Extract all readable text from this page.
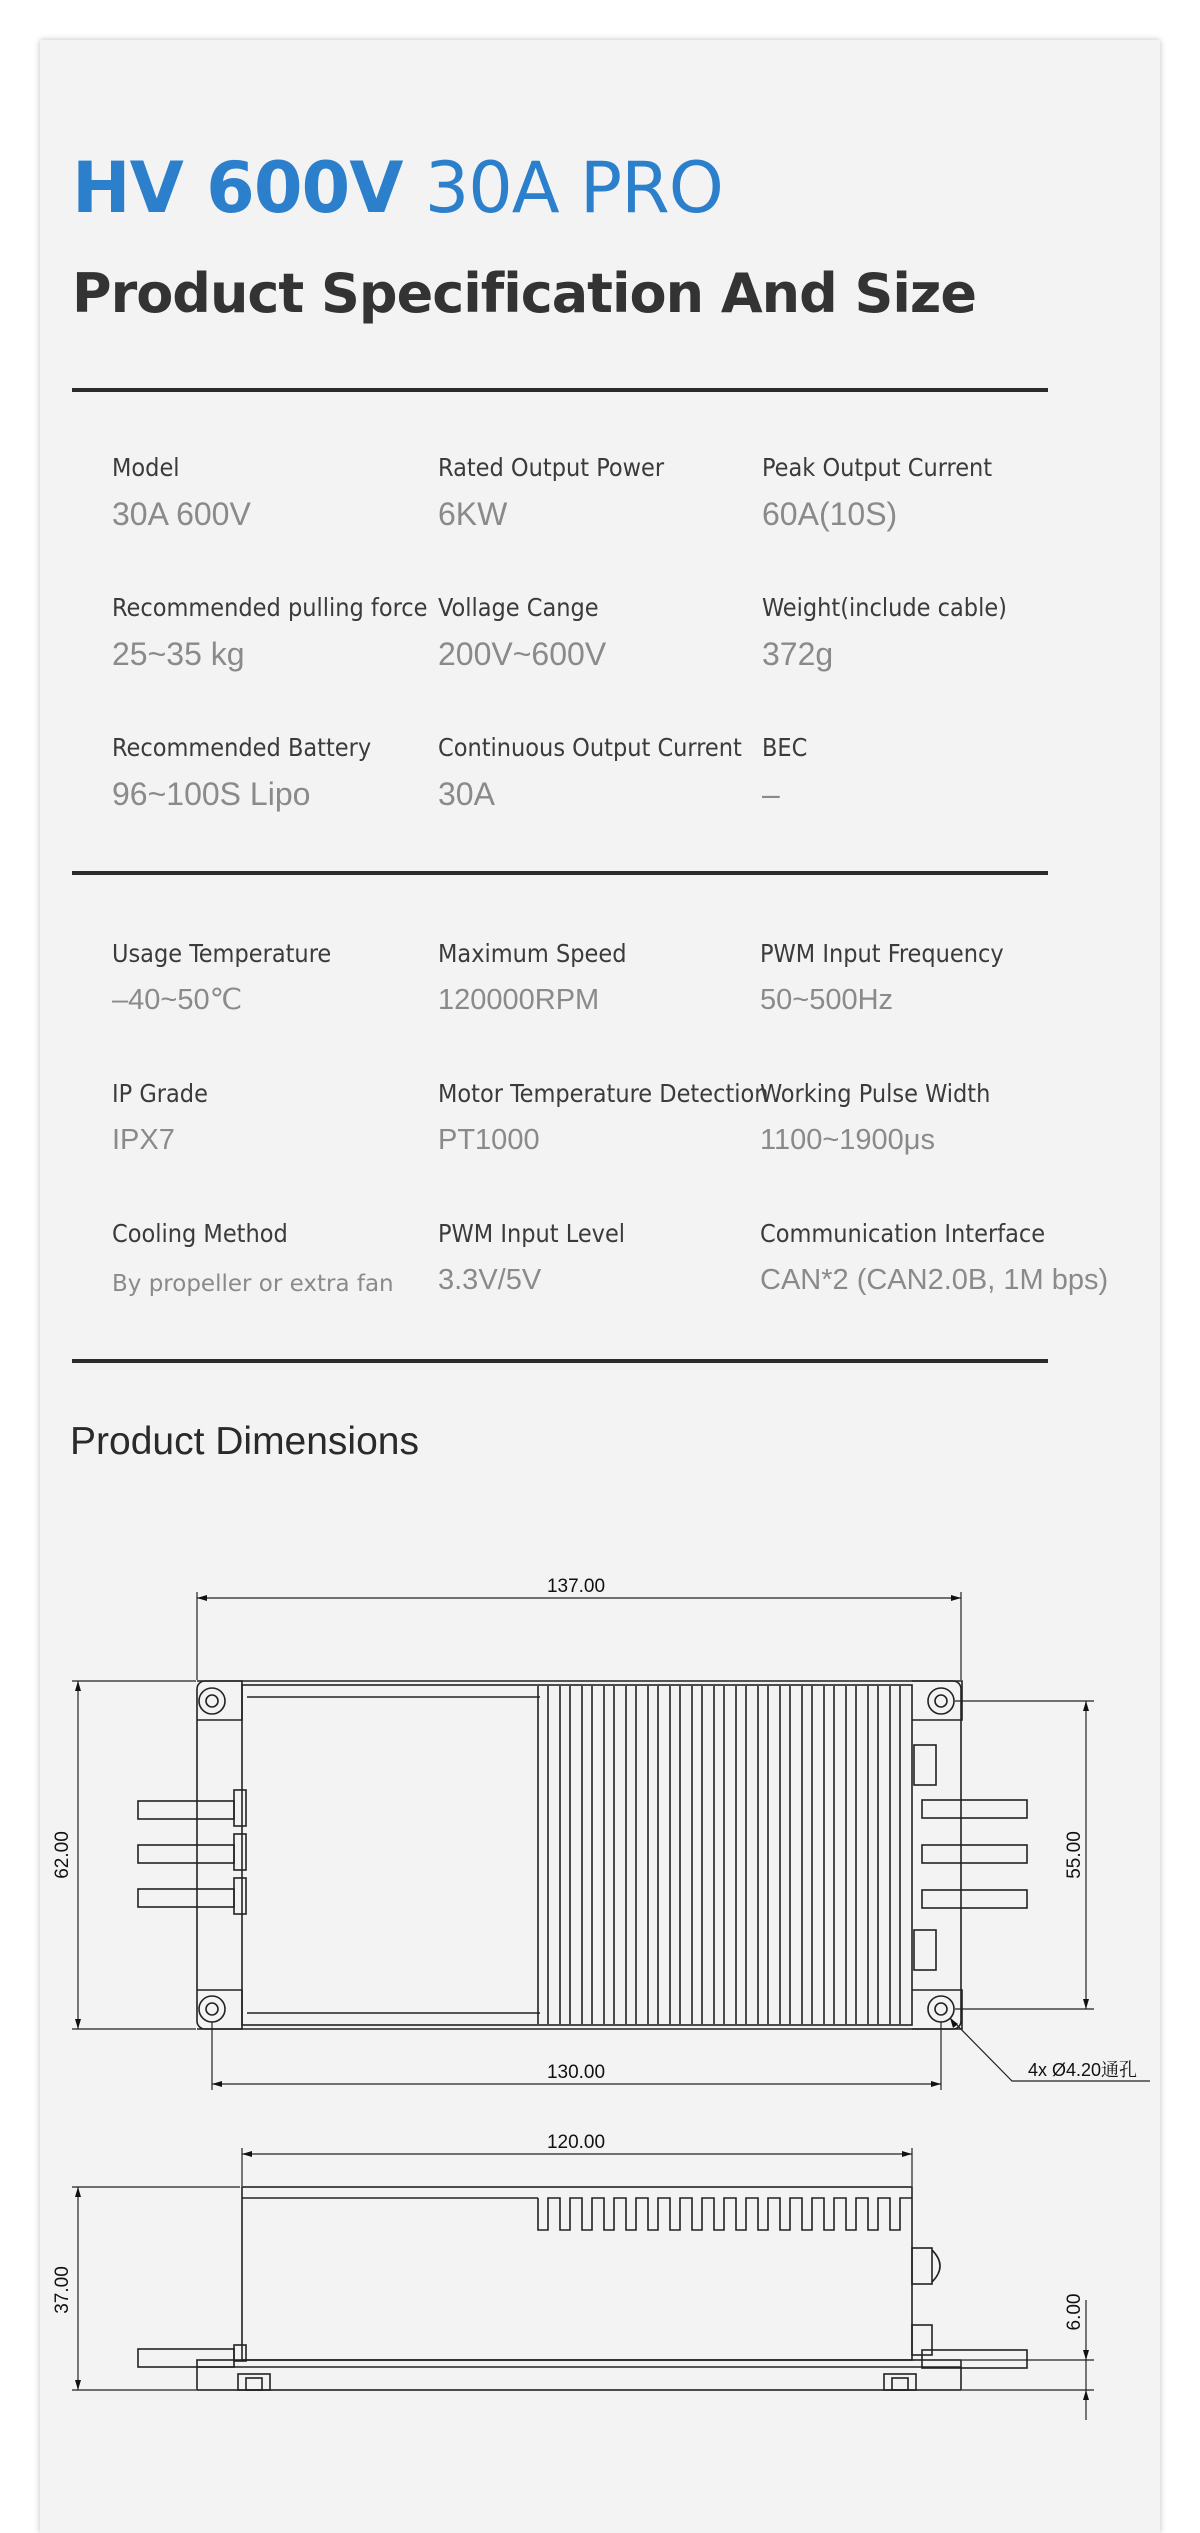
HV 600V 30A PRO
Product Specification And Size
Model
30A 600V
Rated Output Power
6KW
Peak Output Current
60A(10S)
Recommended pulling force
25~35 kg
Vollage Cange
200V~600V
Weight(include cable)
372g
Recommended Battery
96~100S Lipo
Continuous Output Current
30A
BEC
–
Usage Temperature
–40~50℃
Maximum Speed
120000RPM
PWM Input Frequency
50~500Hz
IP Grade
IPX7
Motor Temperature Detection
PT1000
Working Pulse Width
1100~1900μs
Cooling Method
By propeller or extra fan
PWM Input Level
3.3V/5V
Communication Interface
CAN*2 (CAN2.0B, 1M bps)
Product Dimensions
137.00
62.00
130.00
55.00
4x Ø4.20通孔
120.00
37.00	6.00
